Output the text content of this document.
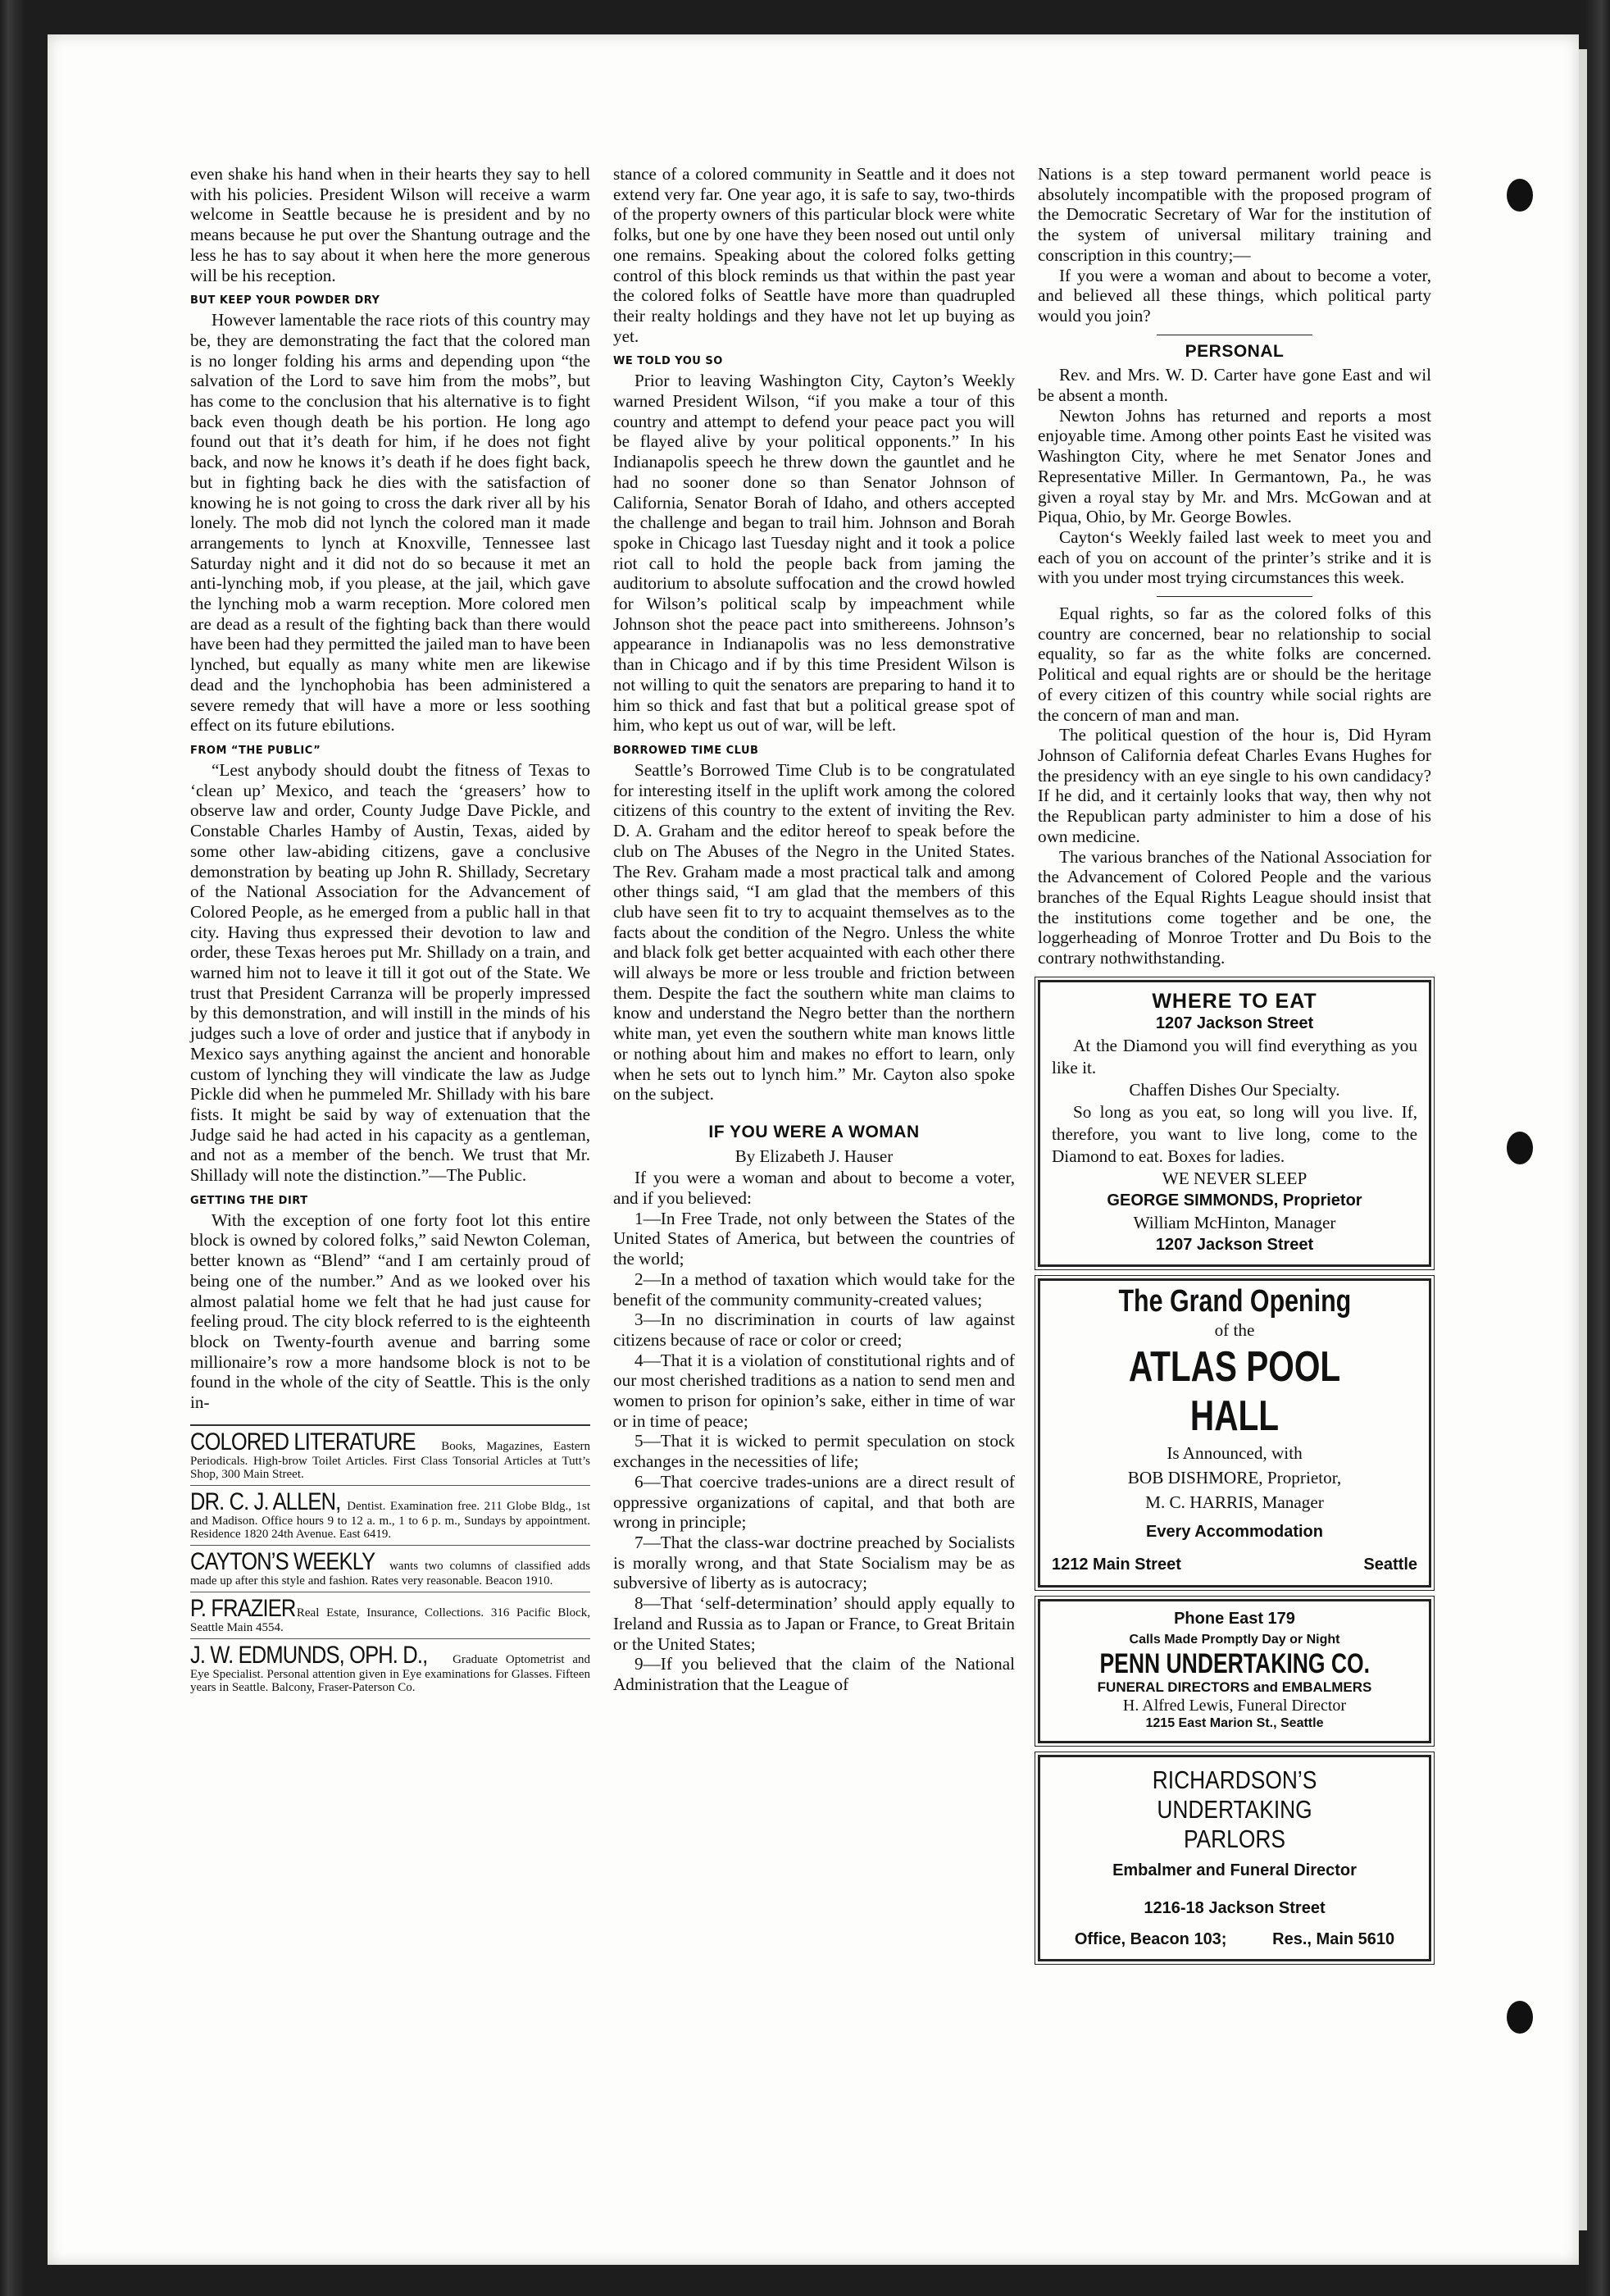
even shake his hand when in their hearts they say to hell with his policies. President Wilson will receive a warm welcome in Seattle because he is president and by no means because he put over the Shantung outrage and the less he has to say about it when here the more generous will be his reception.

BUT KEEP YOUR POWDER DRY

However lamentable the race riots of this country may be, they are demonstrating the fact that the colored man is no longer folding his arms and depending upon “the salvation of the Lord to save him from the mobs”, but has come to the conclusion that his alternative is to fight back even though death be his portion. He long ago found out that it’s death for him, if he does not fight back, and now he knows it’s death if he does fight back, but in fighting back he dies with the satisfaction of knowing he is not going to cross the dark river all by his lonely. The mob did not lynch the colored man it made arrangements to lynch at Knoxville, Tennessee last Saturday night and it did not do so because it met an anti-lynching mob, if you please, at the jail, which gave the lynching mob a warm reception. More colored men are dead as a result of the fighting back than there would have been had they permitted the jailed man to have been lynched, but equally as many white men are likewise dead and the lynchophobia has been administered a severe remedy that will have a more or less soothing effect on its future ebilutions.

FROM “THE PUBLIC”

“Lest anybody should doubt the fitness of Texas to ‘clean up’ Mexico, and teach the ‘greasers’ how to observe law and order, County Judge Dave Pickle, and Constable Charles Hamby of Austin, Texas, aided by some other law-abiding citizens, gave a conclusive demonstration by beating up John R. Shillady, Secretary of the National Association for the Advancement of Colored People, as he emerged from a public hall in that city. Having thus expressed their devotion to law and order, these Texas heroes put Mr. Shillady on a train, and warned him not to leave it till it got out of the State. We trust that President Carranza will be properly impressed by this demonstration, and will instill in the minds of his judges such a love of order and justice that if anybody in Mexico says anything against the ancient and honorable custom of lynching they will vindicate the law as Judge Pickle did when he pummeled Mr. Shillady with his bare fists. It might be said by way of extenuation that the Judge said he had acted in his capacity as a gentleman, and not as a member of the bench. We trust that Mr. Shillady will note the distinction.”—The Public.

GETTING THE DIRT

With the exception of one forty foot lot this entire block is owned by colored folks,” said Newton Coleman, better known as “Blend” “and I am certainly proud of being one of the number.” And as we looked over his almost palatial home we felt that he had just cause for feeling proud. The city block referred to is the eighteenth block on Twenty-fourth avenue and barring some millionaire’s row a more handsome block is not to be found in the whole of the city of Seattle. This is the only in-

COLORED LITERATURE Books, Magazines, Eastern Periodicals. High-brow Toilet Articles. First Class Tonsorial Articles at Tutt’s Shop, 300 Main Street.
DR. C. J. ALLEN, Dentist. Examination free. 211 Globe Bldg., 1st and Madison. Office hours 9 to 12 a. m., 1 to 6 p. m., Sundays by appointment. Residence 1820 24th Avenue. East 6419.
CAYTON’S WEEKLY wants two columns of classified adds made up after this style and fashion. Rates very reasonable. Beacon 1910.
P. FRAZIER Real Estate, Insurance, Collections. 316 Pacific Block, Seattle Main 4554.
J. W. EDMUNDS, OPH. D., Graduate Optometrist and Eye Specialist. Personal attention given in Eye examinations for Glasses. Fifteen years in Seattle. Balcony, Fraser-Paterson Co.

stance of a colored community in Seattle and it does not extend very far. One year ago, it is safe to say, two-thirds of the property owners of this particular block were white folks, but one by one have they been nosed out until only one remains. Speaking about the colored folks getting control of this block reminds us that within the past year the colored folks of Seattle have more than quadrupled their realty holdings and they have not let up buying as yet.

WE TOLD YOU SO

Prior to leaving Washington City, Cayton’s Weekly warned President Wilson, “if you make a tour of this country and attempt to defend your peace pact you will be flayed alive by your political opponents.” In his Indianapolis speech he threw down the gauntlet and he had no sooner done so than Senator Johnson of California, Senator Borah of Idaho, and others accepted the challenge and began to trail him. Johnson and Borah spoke in Chicago last Tuesday night and it took a police riot call to hold the people back from jaming the auditorium to absolute suffocation and the crowd howled for Wilson’s political scalp by impeachment while Johnson shot the peace pact into smithereens. Johnson’s appearance in Indianapolis was no less demonstrative than in Chicago and if by this time President Wilson is not willing to quit the senators are preparing to hand it to him so thick and fast that but a political grease spot of him, who kept us out of war, will be left.

BORROWED TIME CLUB

Seattle’s Borrowed Time Club is to be congratulated for interesting itself in the uplift work among the colored citizens of this country to the extent of inviting the Rev. D. A. Graham and the editor hereof to speak before the club on The Abuses of the Negro in the United States. The Rev. Graham made a most practical talk and among other things said, “I am glad that the members of this club have seen fit to try to acquaint themselves as to the facts about the condition of the Negro. Unless the white and black folk get better acquainted with each other there will always be more or less trouble and friction between them. Despite the fact the southern white man claims to know and understand the Negro better than the northern white man, yet even the southern white man knows little or nothing about him and makes no effort to learn, only when he sets out to lynch him.” Mr. Cayton also spoke on the subject.

IF YOU WERE A WOMAN
By Elizabeth J. Hauser

If you were a woman and about to become a voter, and if you believed:

1—In Free Trade, not only between the States of the United States of America, but between the countries of the world;

2—In a method of taxation which would take for the benefit of the community community-created values;

3—In no discrimination in courts of law against citizens because of race or color or creed;

4—That it is a violation of constitutional rights and of our most cherished traditions as a nation to send men and women to prison for opinion’s sake, either in time of war or in time of peace;

5—That it is wicked to permit speculation on stock exchanges in the necessities of life;

6—That coercive trades-unions are a direct result of oppressive organizations of capital, and that both are wrong in principle;

7—That the class-war doctrine preached by Socialists is morally wrong, and that State Socialism may be as subversive of liberty as is autocracy;

8—That ‘self-determination’ should apply equally to Ireland and Russia as to Japan or France, to Great Britain or the United States;

9—If you believed that the claim of the National Administration that the League of

Nations is a step toward permanent world peace is absolutely incompatible with the proposed program of the Democratic Secretary of War for the institution of the system of universal military training and conscription in this country;—

If you were a woman and about to become a voter, and believed all these things, which political party would you join?

PERSONAL

Rev. and Mrs. W. D. Carter have gone East and wil be absent a month.

Newton Johns has returned and reports a most enjoyable time. Among other points East he visited was Washington City, where he met Senator Jones and Representative Miller. In Germantown, Pa., he was given a royal stay by Mr. and Mrs. McGowan and at Piqua, Ohio, by Mr. George Bowles.

Cayton‘s Weekly failed last week to meet you and each of you on account of the printer’s strike and it is with you under most trying circumstances this week.

Equal rights, so far as the colored folks of this country are concerned, bear no relationship to social equality, so far as the white folks are concerned. Political and equal rights are or should be the heritage of every citizen of this country while social rights are the concern of man and man.

The political question of the hour is, Did Hyram Johnson of California defeat Charles Evans Hughes for the presidency with an eye single to his own candidacy? If he did, and it certainly looks that way, then why not the Republican party administer to him a dose of his own medicine.

The various branches of the National Association for the Advancement of Colored People and the various branches of the Equal Rights League should insist that the institutions come together and be one, the loggerheading of Monroe Trotter and Du Bois to the contrary nothwithstanding.

WHERE TO EAT
1207 Jackson Street

At the Diamond you will find everything as you like it.

Chaffen Dishes Our Specialty.

So long as you eat, so long will you live. If, therefore, you want to live long, come to the Diamond to eat. Boxes for ladies.

WE NEVER SLEEP

GEORGE SIMMONDS, Proprietor

William McHinton, Manager

1207 Jackson Street
The Grand Opening

of the

ATLAS POOL HALL

Is Announced, with

BOB DISHMORE, Proprietor,

M. C. HARRIS, Manager

Every Accommodation
1212 Main Street	Seattle
Phone East 179
Calls Made Promptly Day or Night
PENN UNDERTAKING CO.
FUNERAL DIRECTORS and EMBALMERS

H. Alfred Lewis, Funeral Director

1215 East Marion St., Seattle
RICHARDSON’S UNDERTAKING
PARLORS
Embalmer and Funeral Director
1216-18 Jackson Street
Office, Beacon 103;	Res., Main 5610
